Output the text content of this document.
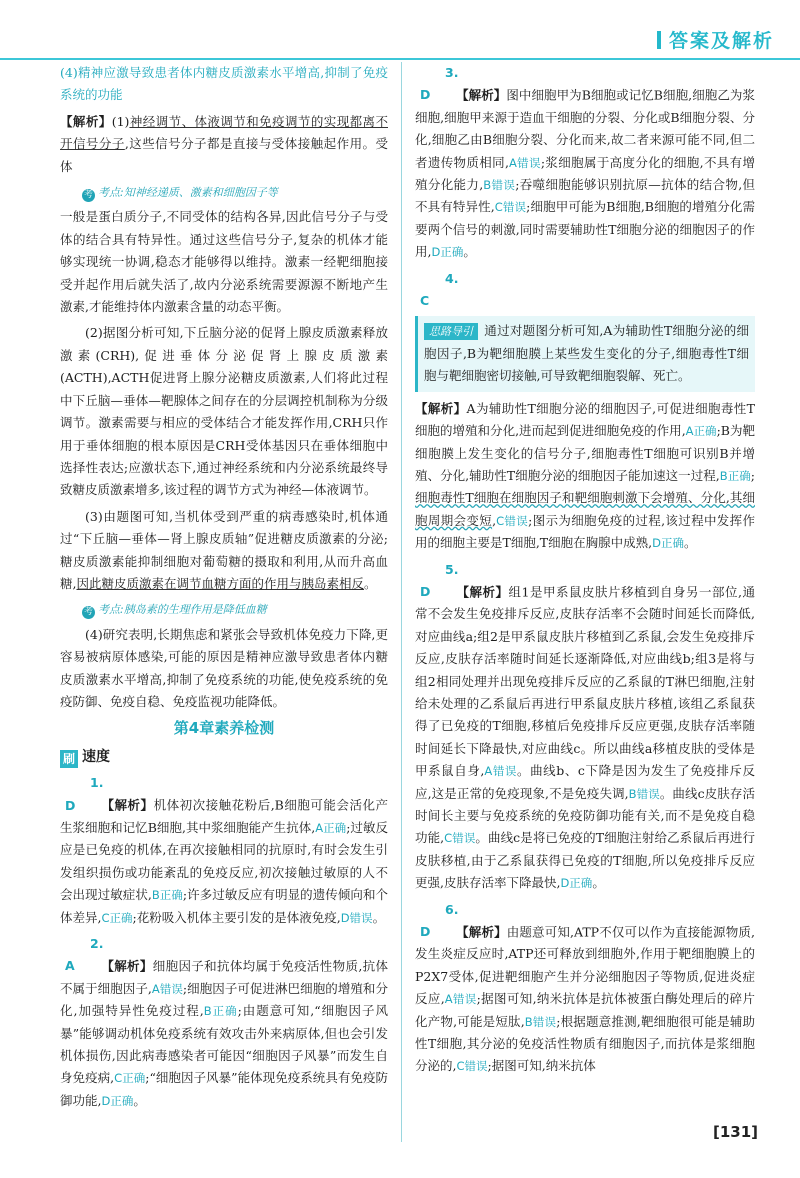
答案及解析

(4)精神应激导致患者体内糖皮质激素水平增高,抑制了免疫系统的功能

【解析】(1)神经调节、体液调节和免疫调节的实现都离不开信号分子,这些信号分子都是直接与受体接触起作用。受体

考 考点:知神经递质、激素和细胞因子等

一般是蛋白质分子,不同受体的结构各异,因此信号分子与受体的结合具有特异性。通过这些信号分子,复杂的机体才能够实现统一协调,稳态才能够得以维持。激素一经靶细胞接受并起作用后就失活了,故内分泌系统需要源源不断地产生激素,才能维持体内激素含量的动态平衡。

(2)据图分析可知,下丘脑分泌的促肾上腺皮质激素释放激素(CRH),促进垂体分泌促肾上腺皮质激素(ACTH),ACTH促进肾上腺分泌糖皮质激素,人们将此过程中下丘脑—垂体—靶腺体之间存在的分层调控机制称为分级调节。激素需要与相应的受体结合才能发挥作用,CRH只作用于垂体细胞的根本原因是CRH受体基因只在垂体细胞中选择性表达;应激状态下,通过神经系统和内分泌系统最终导致糖皮质激素增多,该过程的调节方式为神经—体液调节。

(3)由题图可知,当机体受到严重的病毒感染时,机体通过“下丘脑—垂体—肾上腺皮质轴”促进糖皮质激素的分泌;糖皮质激素能抑制细胞对葡萄糖的摄取和利用,从而升高血糖,因此糖皮质激素在调节血糖方面的作用与胰岛素相反。

考 考点:胰岛素的生理作用是降低血糖

(4)研究表明,长期焦虑和紧张会导致机体免疫力下降,更容易被病原体感染,可能的原因是精神应激导致患者体内糖皮质激素水平增高,抑制了免疫系统的功能,使免疫系统的免疫防御、免疫自稳、免疫监视功能降低。

第4章素养检测
刷 速度

1. D 【解析】机体初次接触花粉后,B细胞可能会活化产生浆细胞和记忆B细胞,其中浆细胞能产生抗体,A正确;过敏反应是已免疫的机体,在再次接触相同的抗原时,有时会发生引发组织损伤或功能紊乱的免疫反应,初次接触过敏原的人不会出现过敏症状,B正确;许多过敏反应有明显的遗传倾向和个体差异,C正确;花粉吸入机体主要引发的是体液免疫,D错误。

2. A 【解析】细胞因子和抗体均属于免疫活性物质,抗体不属于细胞因子,A错误;细胞因子可促进淋巴细胞的增殖和分化,加强特异性免疫过程,B正确;由题意可知,“细胞因子风暴”能够调动机体免疫系统有效攻击外来病原体,但也会引发机体损伤,因此病毒感染者可能因“细胞因子风暴”而发生自身免疫病,C正确;“细胞因子风暴”能体现免疫系统具有免疫防御功能,D正确。

3. D 【解析】图中细胞甲为B细胞或记忆B细胞,细胞乙为浆细胞,细胞甲来源于造血干细胞的分裂、分化或B细胞分裂、分化,细胞乙由B细胞分裂、分化而来,故二者来源可能不同,但二者遗传物质相同,A错误;浆细胞属于高度分化的细胞,不具有增殖分化能力,B错误;吞噬细胞能够识别抗原—抗体的结合物,但不具有特异性,C错误;细胞甲可能为B细胞,B细胞的增殖分化需要两个信号的刺激,同时需要辅助性T细胞分泌的细胞因子的作用,D正确。

4. C

思路导引 通过对题图分析可知,A为辅助性T细胞分泌的细胞因子,B为靶细胞膜上某些发生变化的分子,细胞毒性T细胞与靶细胞密切接触,可导致靶细胞裂解、死亡。

【解析】A为辅助性T细胞分泌的细胞因子,可促进细胞毒性T细胞的增殖和分化,进而起到促进细胞免疫的作用,A正确;B为靶细胞膜上发生变化的信号分子,细胞毒性T细胞可识别B并增殖、分化,辅助性T细胞分泌的细胞因子能加速这一过程,B正确;细胞毒性T细胞在细胞因子和靶细胞刺激下会增殖、分化,其细胞周期会变短,C错误;图示为细胞免疫的过程,该过程中发挥作用的细胞主要是T细胞,T细胞在胸腺中成熟,D正确。

5. D 【解析】组1是甲系鼠皮肤片移植到自身另一部位,通常不会发生免疫排斥反应,皮肤存活率不会随时间延长而降低,对应曲线a;组2是甲系鼠皮肤片移植到乙系鼠,会发生免疫排斥反应,皮肤存活率随时间延长逐渐降低,对应曲线b;组3是将与组2相同处理并出现免疫排斥反应的乙系鼠的T淋巴细胞,注射给未处理的乙系鼠后再进行甲系鼠皮肤片移植,该组乙系鼠获得了已免疫的T细胞,移植后免疫排斥反应更强,皮肤存活率随时间延长下降最快,对应曲线c。所以曲线a移植皮肤的受体是甲系鼠自身,A错误。曲线b、c下降是因为发生了免疫排斥反应,这是正常的免疫现象,不是免疫失调,B错误。曲线c皮肤存活时间长主要与免疫系统的免疫防御功能有关,而不是免疫自稳功能,C错误。曲线c是将已免疫的T细胞注射给乙系鼠后再进行皮肤移植,由于乙系鼠获得已免疫的T细胞,所以免疫排斥反应更强,皮肤存活率下降最快,D正确。

6. D 【解析】由题意可知,ATP不仅可以作为直接能源物质,发生炎症反应时,ATP还可释放到细胞外,作用于靶细胞膜上的P2X7受体,促进靶细胞产生并分泌细胞因子等物质,促进炎症反应,A错误;据图可知,纳米抗体是抗体被蛋白酶处理后的碎片化产物,可能是短肽,B错误;根据题意推测,靶细胞很可能是辅助性T细胞,其分泌的免疫活性物质有细胞因子,而抗体是浆细胞分泌的,C错误;据图可知,纳米抗体

[131]
